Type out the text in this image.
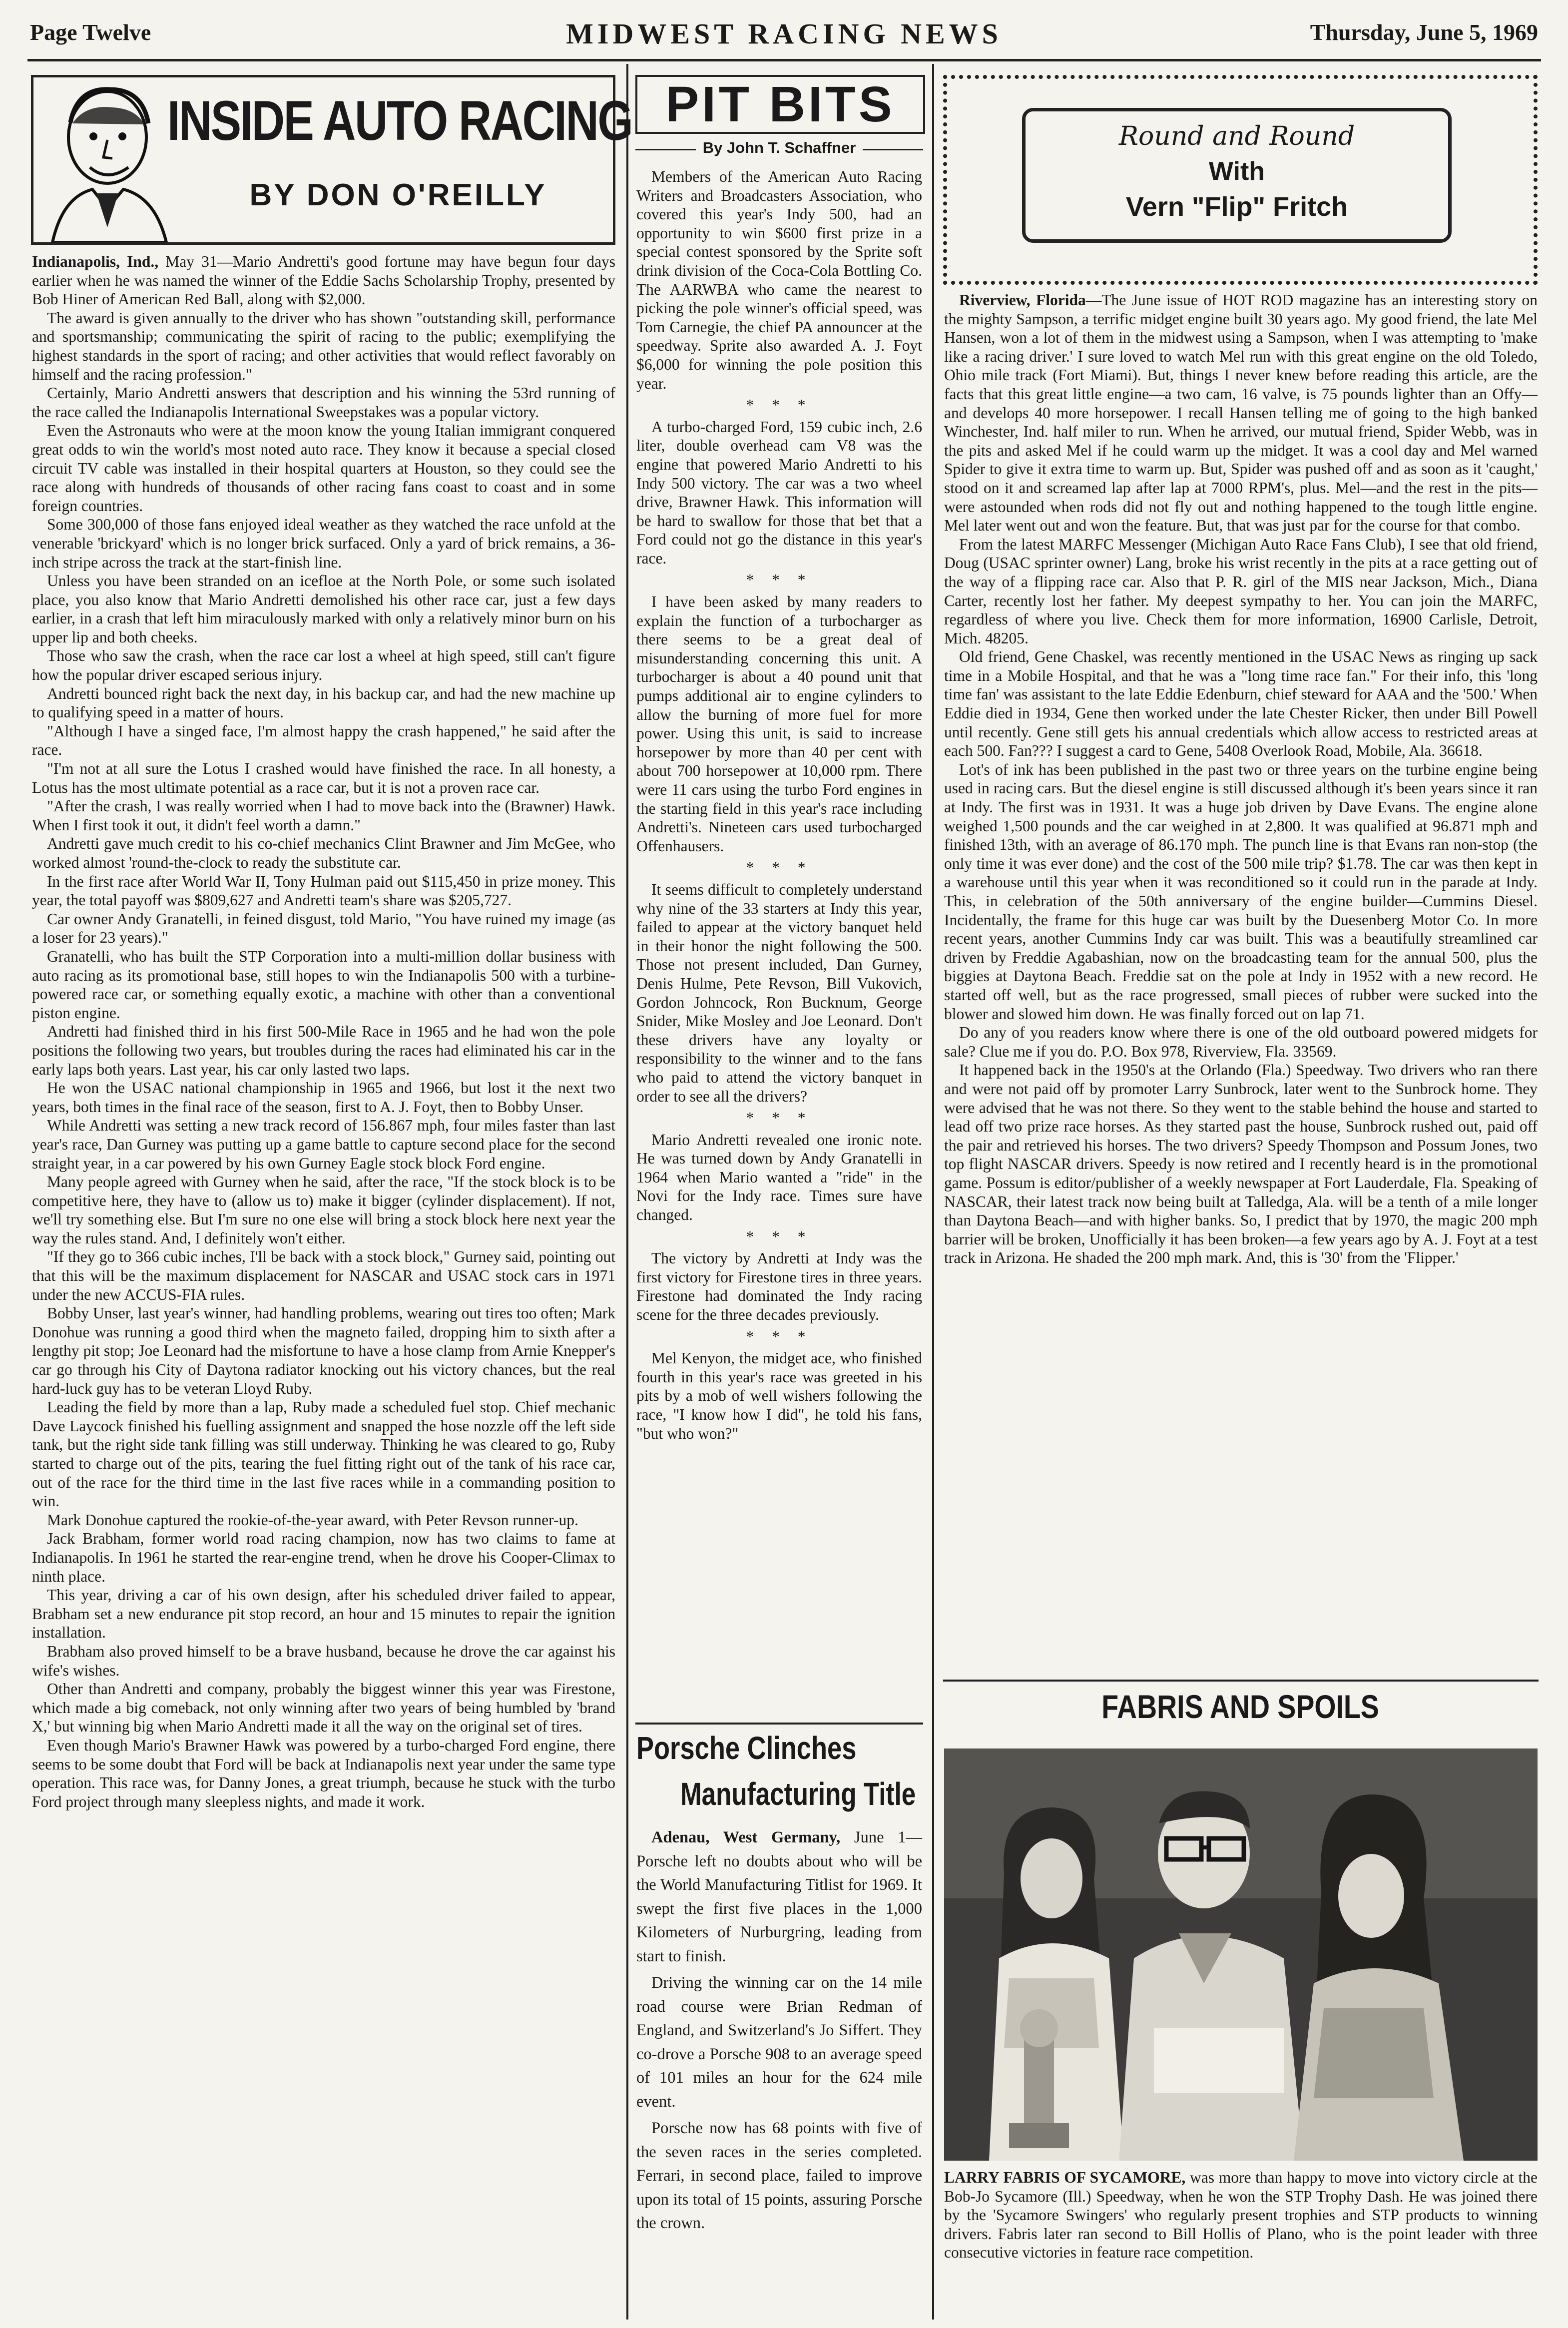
Page Twelve	MIDWEST RACING NEWS	Thursday, June 5, 1969
INSIDE AUTO RACING
BY DON O'REILLY

Indianapolis, Ind., May 31—Mario Andretti's good fortune may have begun four days earlier when he was named the winner of the Eddie Sachs Scholarship Trophy, presented by Bob Hiner of American Red Ball, along with $2,000.

The award is given annually to the driver who has shown "outstanding skill, performance and sportsmanship; communicating the spirit of racing to the public; exemplifying the highest standards in the sport of racing; and other activities that would reflect favorably on himself and the racing profession."

Certainly, Mario Andretti answers that description and his winning the 53rd running of the race called the Indianapolis International Sweepstakes was a popular victory.

Even the Astronauts who were at the moon know the young Italian immigrant conquered great odds to win the world's most noted auto race. They know it because a special closed circuit TV cable was installed in their hospital quarters at Houston, so they could see the race along with hundreds of thousands of other racing fans coast to coast and in some foreign countries.

Some 300,000 of those fans enjoyed ideal weather as they watched the race unfold at the venerable 'brickyard' which is no longer brick surfaced. Only a yard of brick remains, a 36-inch stripe across the track at the start-finish line.

Unless you have been stranded on an icefloe at the North Pole, or some such isolated place, you also know that Mario Andretti demolished his other race car, just a few days earlier, in a crash that left him miraculously marked with only a relatively minor burn on his upper lip and both cheeks.

Those who saw the crash, when the race car lost a wheel at high speed, still can't figure how the popular driver escaped serious injury.

Andretti bounced right back the next day, in his backup car, and had the new machine up to qualifying speed in a matter of hours.

"Although I have a singed face, I'm almost happy the crash happened," he said after the race.

"I'm not at all sure the Lotus I crashed would have finished the race. In all honesty, a Lotus has the most ultimate potential as a race car, but it is not a proven race car.

"After the crash, I was really worried when I had to move back into the (Brawner) Hawk. When I first took it out, it didn't feel worth a damn."

Andretti gave much credit to his co-chief mechanics Clint Brawner and Jim McGee, who worked almost 'round-the-clock to ready the substitute car.

In the first race after World War II, Tony Hulman paid out $115,450 in prize money. This year, the total payoff was $809,627 and Andretti team's share was $205,727.

Car owner Andy Granatelli, in feined disgust, told Mario, "You have ruined my image (as a loser for 23 years)."

Granatelli, who has built the STP Corporation into a multi-million dollar business with auto racing as its promotional base, still hopes to win the Indianapolis 500 with a turbine-powered race car, or something equally exotic, a machine with other than a conventional piston engine.

Andretti had finished third in his first 500-Mile Race in 1965 and he had won the pole positions the following two years, but troubles during the races had eliminated his car in the early laps both years. Last year, his car only lasted two laps.

He won the USAC national championship in 1965 and 1966, but lost it the next two years, both times in the final race of the season, first to A. J. Foyt, then to Bobby Unser.

While Andretti was setting a new track record of 156.867 mph, four miles faster than last year's race, Dan Gurney was putting up a game battle to capture second place for the second straight year, in a car powered by his own Gurney Eagle stock block Ford engine.

Many people agreed with Gurney when he said, after the race, "If the stock block is to be competitive here, they have to (allow us to) make it bigger (cylinder displacement). If not, we'll try something else. But I'm sure no one else will bring a stock block here next year the way the rules stand. And, I definitely won't either.

"If they go to 366 cubic inches, I'll be back with a stock block," Gurney said, pointing out that this will be the maximum displacement for NASCAR and USAC stock cars in 1971 under the new ACCUS-FIA rules.

Bobby Unser, last year's winner, had handling problems, wearing out tires too often; Mark Donohue was running a good third when the magneto failed, dropping him to sixth after a lengthy pit stop; Joe Leonard had the misfortune to have a hose clamp from Arnie Knepper's car go through his City of Daytona radiator knocking out his victory chances, but the real hard-luck guy has to be veteran Lloyd Ruby.

Leading the field by more than a lap, Ruby made a scheduled fuel stop. Chief mechanic Dave Laycock finished his fuelling assignment and snapped the hose nozzle off the left side tank, but the right side tank filling was still underway. Thinking he was cleared to go, Ruby started to charge out of the pits, tearing the fuel fitting right out of the tank of his race car, out of the race for the third time in the last five races while in a commanding position to win.

Mark Donohue captured the rookie-of-the-year award, with Peter Revson runner-up.

Jack Brabham, former world road racing champion, now has two claims to fame at Indianapolis. In 1961 he started the rear-engine trend, when he drove his Cooper-Climax to ninth place.

This year, driving a car of his own design, after his scheduled driver failed to appear, Brabham set a new endurance pit stop record, an hour and 15 minutes to repair the ignition installation.

Brabham also proved himself to be a brave husband, because he drove the car against his wife's wishes.

Other than Andretti and company, probably the biggest winner this year was Firestone, which made a big comeback, not only winning after two years of being humbled by 'brand X,' but winning big when Mario Andretti made it all the way on the original set of tires.

Even though Mario's Brawner Hawk was powered by a turbo-charged Ford engine, there seems to be some doubt that Ford will be back at Indianapolis next year under the same type operation. This race was, for Danny Jones, a great triumph, because he stuck with the turbo Ford project through many sleepless nights, and made it work.

PIT BITS
By John T. Schaffner

Members of the American Auto Racing Writers and Broadcasters Association, who covered this year's Indy 500, had an opportunity to win $600 first prize in a special contest sponsored by the Sprite soft drink division of the Coca-Cola Bottling Co. The AARWBA who came the nearest to picking the pole winner's official speed, was Tom Carnegie, the chief PA announcer at the speedway. Sprite also awarded A. J. Foyt $6,000 for winning the pole position this year.

* * *

A turbo-charged Ford, 159 cubic inch, 2.6 liter, double overhead cam V8 was the engine that powered Mario Andretti to his Indy 500 victory. The car was a two wheel drive, Brawner Hawk. This information will be hard to swallow for those that bet that a Ford could not go the distance in this year's race.

* * *

I have been asked by many readers to explain the function of a turbocharger as there seems to be a great deal of misunderstanding concerning this unit. A turbocharger is about a 40 pound unit that pumps additional air to engine cylinders to allow the burning of more fuel for more power. Using this unit, is said to increase horsepower by more than 40 per cent with about 700 horsepower at 10,000 rpm. There were 11 cars using the turbo Ford engines in the starting field in this year's race including Andretti's. Nineteen cars used turbocharged Offenhausers.

* * *

It seems difficult to completely understand why nine of the 33 starters at Indy this year, failed to appear at the victory banquet held in their honor the night following the 500. Those not present included, Dan Gurney, Denis Hulme, Pete Revson, Bill Vukovich, Gordon Johncock, Ron Bucknum, George Snider, Mike Mosley and Joe Leonard. Don't these drivers have any loyalty or responsibility to the winner and to the fans who paid to attend the victory banquet in order to see all the drivers?

* * *

Mario Andretti revealed one ironic note. He was turned down by Andy Granatelli in 1964 when Mario wanted a "ride" in the Novi for the Indy race. Times sure have changed.

* * *

The victory by Andretti at Indy was the first victory for Firestone tires in three years. Firestone had dominated the Indy racing scene for the three decades previously.

* * *

Mel Kenyon, the midget ace, who finished fourth in this year's race was greeted in his pits by a mob of well wishers following the race, "I know how I did", he told his fans, "but who won?"

Porsche Clinches
Manufacturing Title

Adenau, West Germany, June 1—Porsche left no doubts about who will be the World Manufacturing Titlist for 1969. It swept the first five places in the 1,000 Kilometers of Nurburgring, leading from start to finish.

Driving the winning car on the 14 mile road course were Brian Redman of England, and Switzerland's Jo Siffert. They co-drove a Porsche 908 to an average speed of 101 miles an hour for the 624 mile event.

Porsche now has 68 points with five of the seven races in the series completed. Ferrari, in second place, failed to improve upon its total of 15 points, assuring Porsche the crown.

Round and Round
With
Vern "Flip" Fritch

Riverview, Florida—The June issue of HOT ROD magazine has an interesting story on the mighty Sampson, a terrific midget engine built 30 years ago. My good friend, the late Mel Hansen, won a lot of them in the midwest using a Sampson, when I was attempting to 'make like a racing driver.' I sure loved to watch Mel run with this great engine on the old Toledo, Ohio mile track (Fort Miami). But, things I never knew before reading this article, are the facts that this great little engine—a two cam, 16 valve, is 75 pounds lighter than an Offy—and develops 40 more horsepower. I recall Hansen telling me of going to the high banked Winchester, Ind. half miler to run. When he arrived, our mutual friend, Spider Webb, was in the pits and asked Mel if he could warm up the midget. It was a cool day and Mel warned Spider to give it extra time to warm up. But, Spider was pushed off and as soon as it 'caught,' stood on it and screamed lap after lap at 7000 RPM's, plus. Mel—and the rest in the pits—were astounded when rods did not fly out and nothing happened to the tough little engine. Mel later went out and won the feature. But, that was just par for the course for that combo.

From the latest MARFC Messenger (Michigan Auto Race Fans Club), I see that old friend, Doug (USAC sprinter owner) Lang, broke his wrist recently in the pits at a race getting out of the way of a flipping race car. Also that P. R. girl of the MIS near Jackson, Mich., Diana Carter, recently lost her father. My deepest sympathy to her. You can join the MARFC, regardless of where you live. Check them for more information, 16900 Carlisle, Detroit, Mich. 48205.

Old friend, Gene Chaskel, was recently mentioned in the USAC News as ringing up sack time in a Mobile Hospital, and that he was a "long time race fan." For their info, this 'long time fan' was assistant to the late Eddie Edenburn, chief steward for AAA and the '500.' When Eddie died in 1934, Gene then worked under the late Chester Ricker, then under Bill Powell until recently. Gene still gets his annual credentials which allow access to restricted areas at each 500. Fan??? I suggest a card to Gene, 5408 Overlook Road, Mobile, Ala. 36618.

Lot's of ink has been published in the past two or three years on the turbine engine being used in racing cars. But the diesel engine is still discussed although it's been years since it ran at Indy. The first was in 1931. It was a huge job driven by Dave Evans. The engine alone weighed 1,500 pounds and the car weighed in at 2,800. It was qualified at 96.871 mph and finished 13th, with an average of 86.170 mph. The punch line is that Evans ran non-stop (the only time it was ever done) and the cost of the 500 mile trip? $1.78. The car was then kept in a warehouse until this year when it was reconditioned so it could run in the parade at Indy. This, in celebration of the 50th anniversary of the engine builder—Cummins Diesel. Incidentally, the frame for this huge car was built by the Duesenberg Motor Co. In more recent years, another Cummins Indy car was built. This was a beautifully streamlined car driven by Freddie Agabashian, now on the broadcasting team for the annual 500, plus the biggies at Daytona Beach. Freddie sat on the pole at Indy in 1952 with a new record. He started off well, but as the race progressed, small pieces of rubber were sucked into the blower and slowed him down. He was finally forced out on lap 71.

Do any of you readers know where there is one of the old outboard powered midgets for sale? Clue me if you do. P.O. Box 978, Riverview, Fla. 33569.

It happened back in the 1950's at the Orlando (Fla.) Speedway. Two drivers who ran there and were not paid off by promoter Larry Sunbrock, later went to the Sunbrock home. They were advised that he was not there. So they went to the stable behind the house and started to lead off two prize race horses. As they started past the house, Sunbrock rushed out, paid off the pair and retrieved his horses. The two drivers? Speedy Thompson and Possum Jones, two top flight NASCAR drivers. Speedy is now retired and I recently heard is in the promotional game. Possum is editor/publisher of a weekly newspaper at Fort Lauderdale, Fla. Speaking of NASCAR, their latest track now being built at Talledga, Ala. will be a tenth of a mile longer than Daytona Beach—and with higher banks. So, I predict that by 1970, the magic 200 mph barrier will be broken, Unofficially it has been broken—a few years ago by A. J. Foyt at a test track in Arizona. He shaded the 200 mph mark. And, this is '30' from the 'Flipper.'

FABRIS AND SPOILS
LARRY FABRIS OF SYCAMORE, was more than happy to move into victory circle at the Bob-Jo Sycamore (Ill.) Speedway, when he won the STP Trophy Dash. He was joined there by the 'Sycamore Swingers' who regularly present trophies and STP products to winning drivers. Fabris later ran second to Bill Hollis of Plano, who is the point leader with three consecutive victories in feature race competition.
